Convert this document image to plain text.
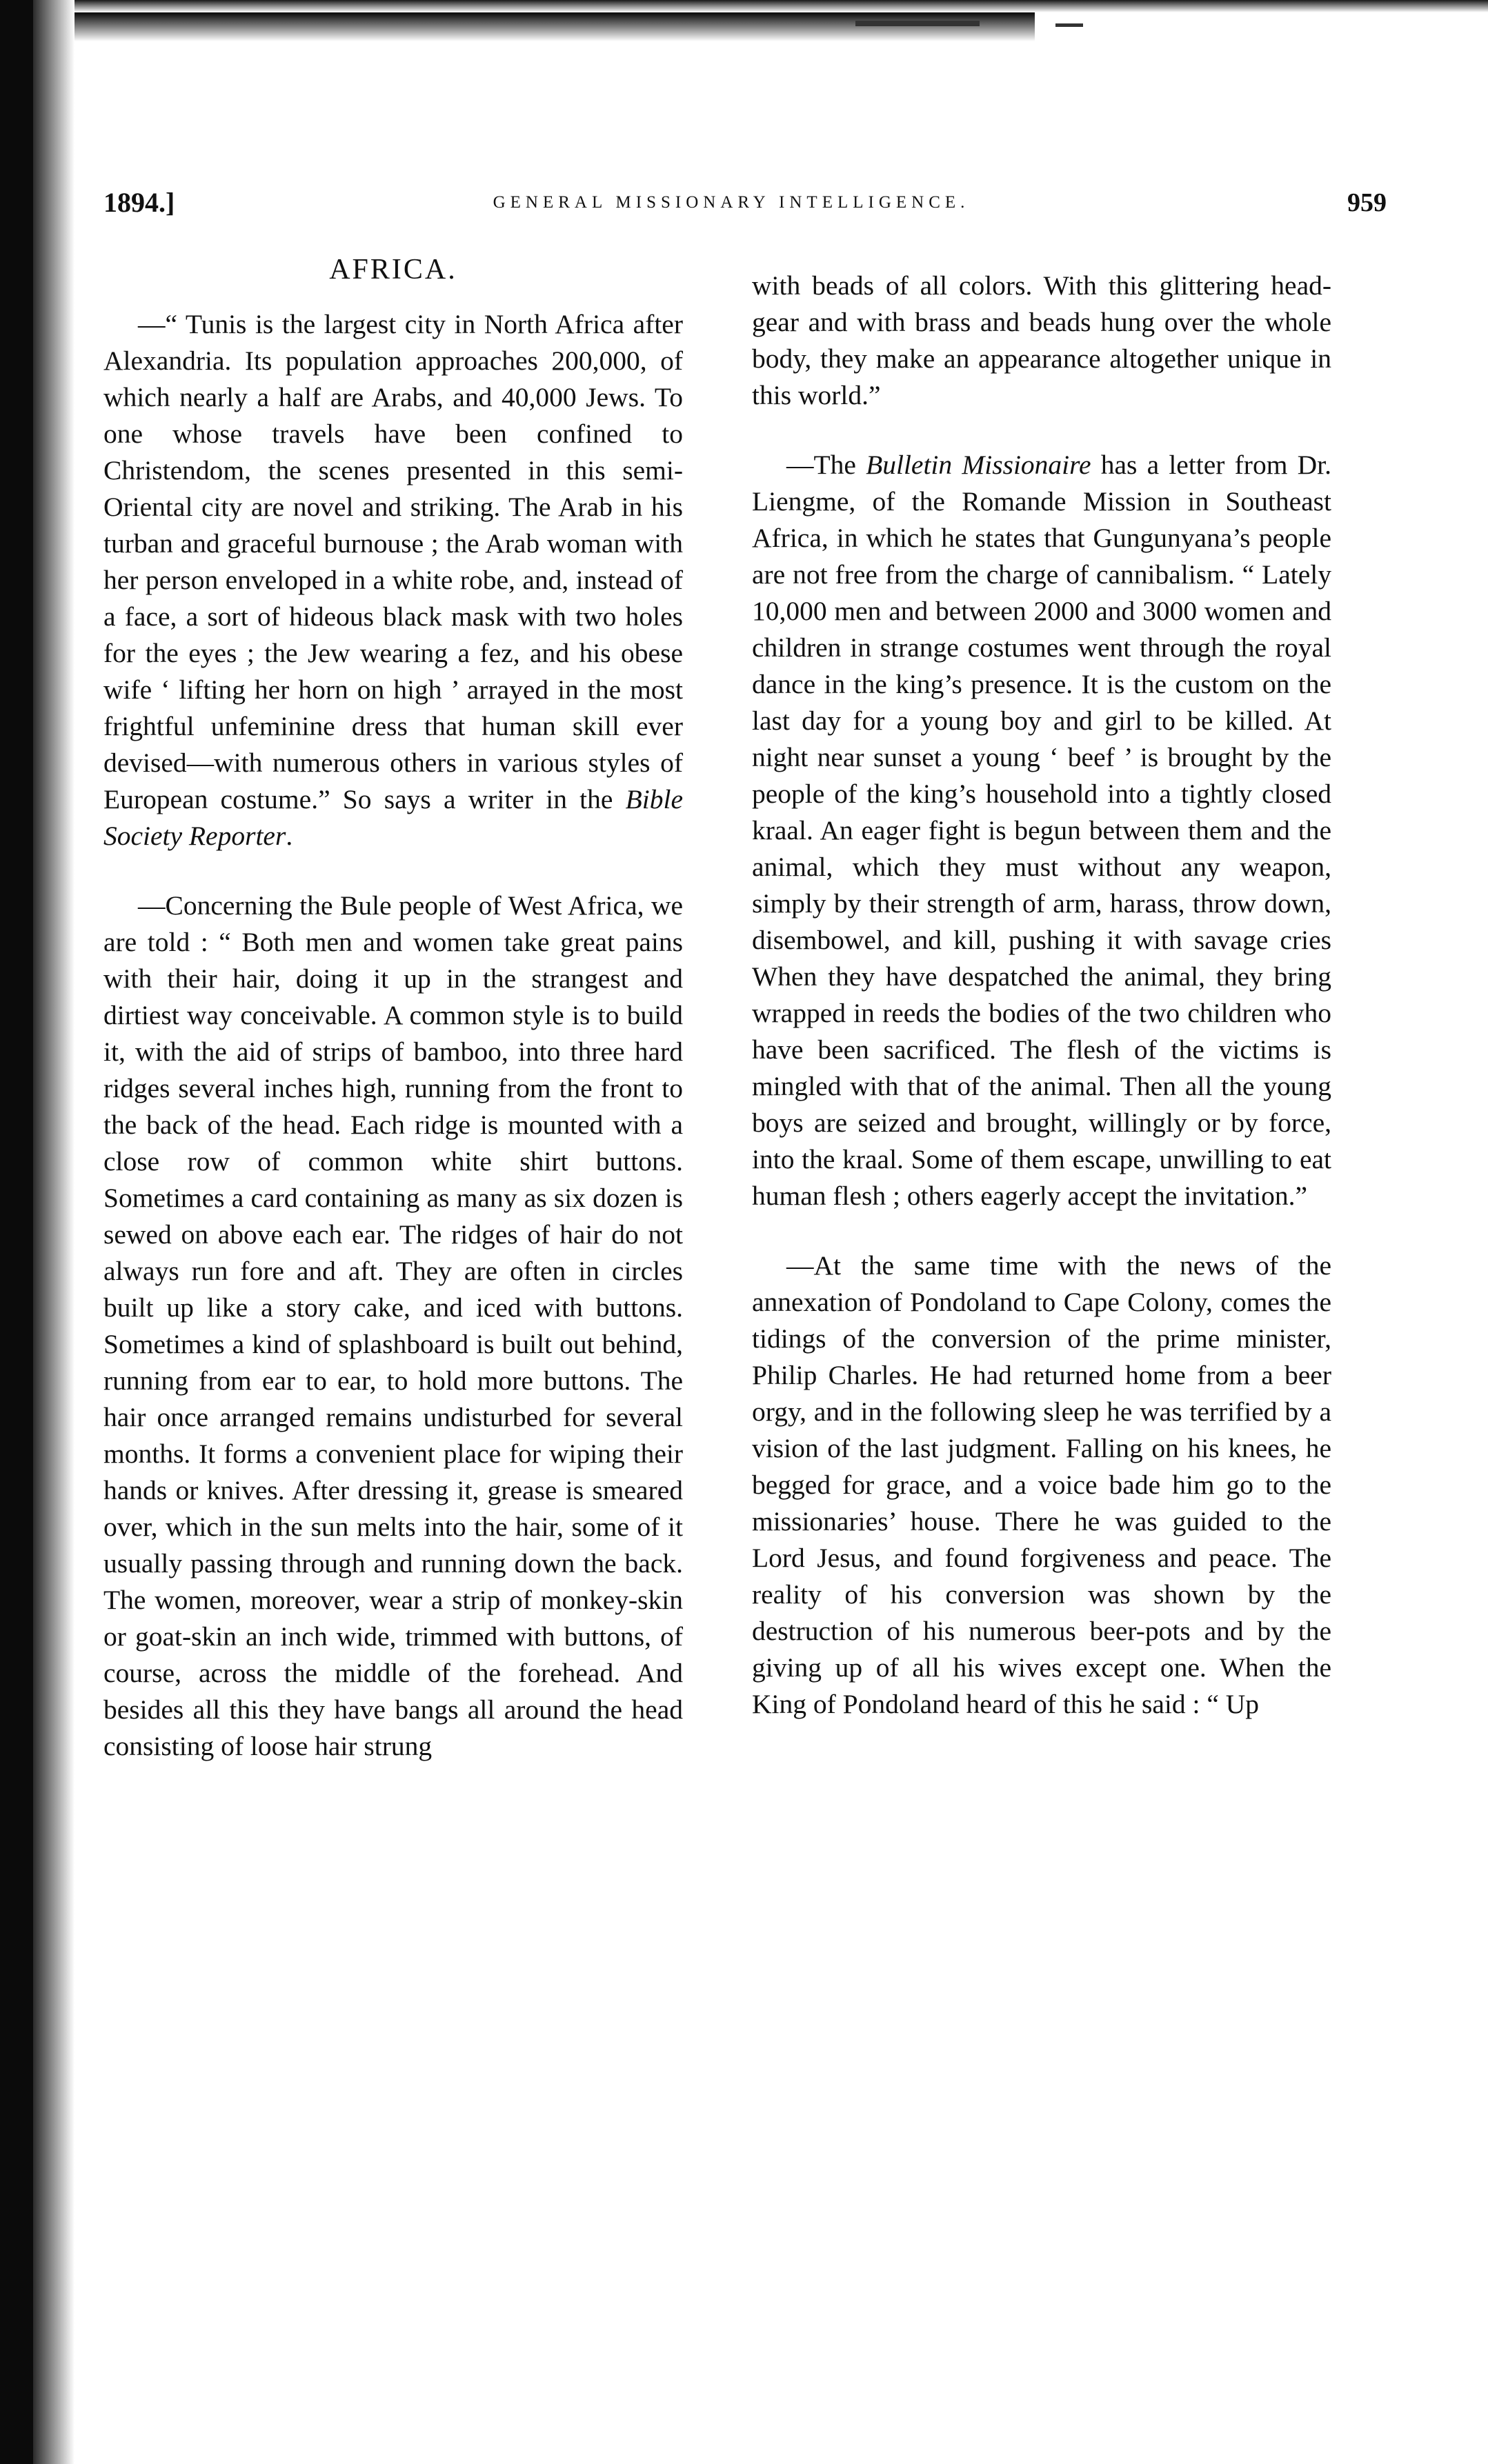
1894.]	GENERAL MISSIONARY INTELLIGENCE.	959
AFRICA.

—“ Tunis is the largest city in North Africa after Alexandria. Its population approaches 200,000, of which nearly a half are Arabs, and 40,000 Jews. To one whose travels have been confined to Christendom, the scenes presented in this semi-Oriental city are novel and striking. The Arab in his turban and graceful burnouse ; the Arab woman with her person enveloped in a white robe, and, instead of a face, a sort of hideous black mask with two holes for the eyes ; the Jew wearing a fez, and his obese wife ‘ lifting her horn on high ’ arrayed in the most frightful unfeminine dress that human skill ever devised—with numerous others in various styles of European costume.” So says a writer in the Bible Society Reporter.

—Concerning the Bule people of West Africa, we are told : “ Both men and women take great pains with their hair, doing it up in the strangest and dirtiest way conceivable. A common style is to build it, with the aid of strips of bamboo, into three hard ridges several inches high, running from the front to the back of the head. Each ridge is mounted with a close row of common white shirt buttons. Sometimes a card containing as many as six dozen is sewed on above each ear. The ridges of hair do not always run fore and aft. They are often in circles built up like a story cake, and iced with buttons. Sometimes a kind of splashboard is built out behind, running from ear to ear, to hold more buttons. The hair once arranged remains undisturbed for several months. It forms a convenient place for wiping their hands or knives. After dressing it, grease is smeared over, which in the sun melts into the hair, some of it usually passing through and running down the back. The women, moreover, wear a strip of monkey-skin or goat-skin an inch wide, trimmed with buttons, of course, across the middle of the forehead. And besides all this they have bangs all around the head consisting of loose hair strung

with beads of all colors. With this glittering head-gear and with brass and beads hung over the whole body, they make an appearance altogether unique in this world.”

—The Bulletin Missionaire has a letter from Dr. Liengme, of the Romande Mission in Southeast Africa, in which he states that Gungunyana’s people are not free from the charge of cannibalism. “ Lately 10,000 men and between 2000 and 3000 women and children in strange costumes went through the royal dance in the king’s presence. It is the custom on the last day for a young boy and girl to be killed. At night near sunset a young ‘ beef ’ is brought by the people of the king’s household into a tightly closed kraal. An eager fight is begun between them and the animal, which they must without any weapon, simply by their strength of arm, harass, throw down, disembowel, and kill, pushing it with savage cries When they have despatched the animal, they bring wrapped in reeds the bodies of the two children who have been sacrificed. The flesh of the victims is mingled with that of the animal. Then all the young boys are seized and brought, willingly or by force, into the kraal. Some of them escape, unwilling to eat human flesh ; others eagerly accept the invitation.”

—At the same time with the news of the annexation of Pondoland to Cape Colony, comes the tidings of the conversion of the prime minister, Philip Charles. He had returned home from a beer orgy, and in the following sleep he was terrified by a vision of the last judgment. Falling on his knees, he begged for grace, and a voice bade him go to the missionaries’ house. There he was guided to the Lord Jesus, and found forgiveness and peace. The reality of his conversion was shown by the destruction of his numerous beer-pots and by the giving up of all his wives except one. When the King of Pondoland heard of this he said : “ Up
